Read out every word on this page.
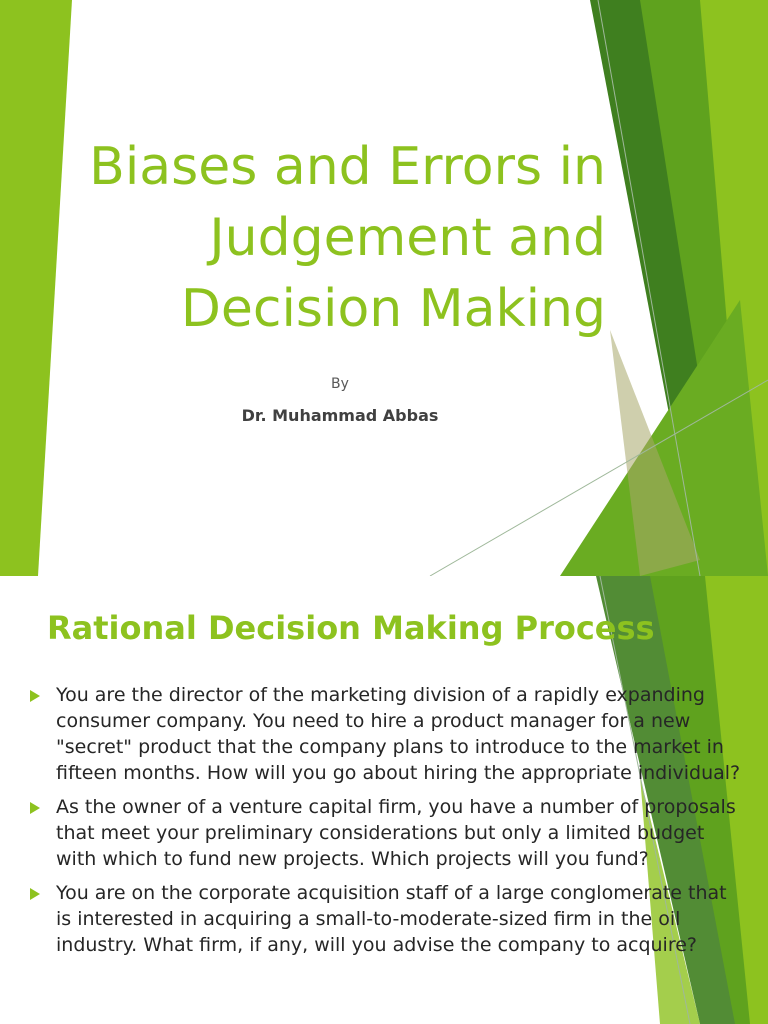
Biases and Errors in
Judgement and
Decision Making
By
Dr. Muhammad Abbas
Rational Decision Making Process
You are the director of the marketing division of a rapidly expanding consumer company. You need to hire a product manager for a new "secret" product that the company plans to introduce to the market in fifteen months. How will you go about hiring the appropriate individual?
As the owner of a venture capital firm, you have a number of proposals that meet your preliminary considerations but only a limited budget with which to fund new projects. Which projects will you fund?
You are on the corporate acquisition staff of a large conglomerate that is interested in acquiring a small-to-moderate-sized firm in the oil industry. What firm, if any, will you advise the company to acquire?
